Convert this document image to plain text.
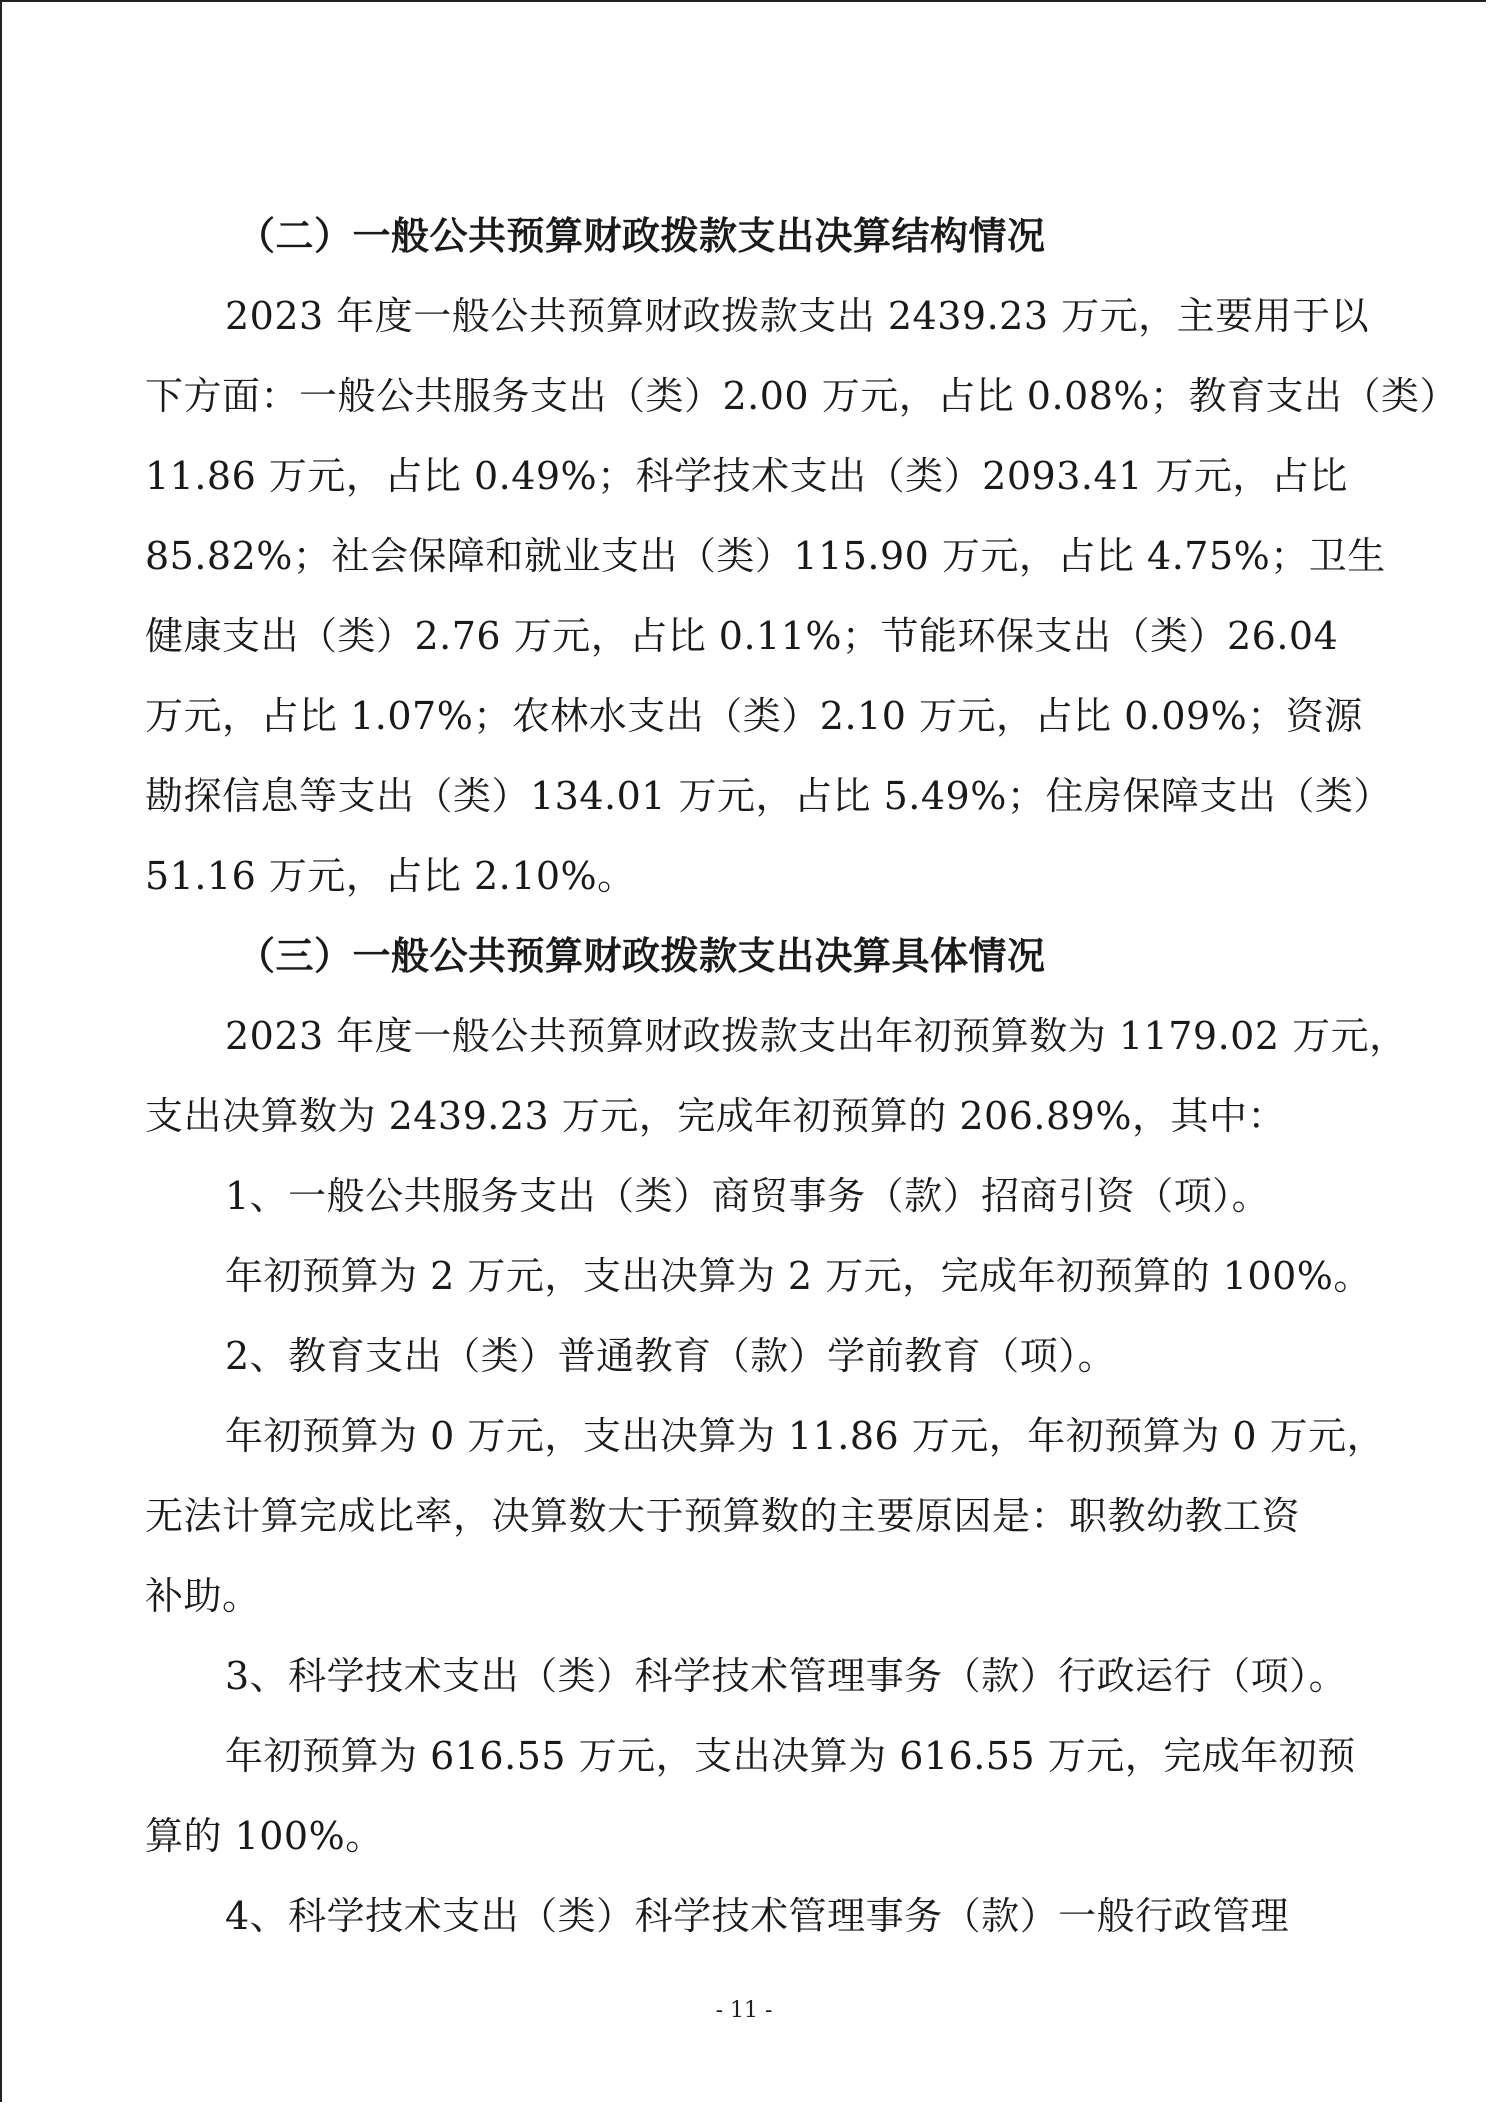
（二）一般公共预算财政拨款支出决算结构情况
2023 年度一般公共预算财政拨款支出 2439.23 万元，主要用于以
下方面：一般公共服务支出（类）2.00 万元，占比 0.08%；教育支出（类）
11.86 万元，占比 0.49%；科学技术支出（类）2093.41 万元，占比
85.82%；社会保障和就业支出（类）115.90 万元，占比 4.75%；卫生
健康支出（类）2.76 万元，占比 0.11%；节能环保支出（类）26.04
万元，占比 1.07%；农林水支出（类）2.10 万元，占比 0.09%；资源
勘探信息等支出（类）134.01 万元，占比 5.49%；住房保障支出（类）
51.16 万元，占比 2.10%。
（三）一般公共预算财政拨款支出决算具体情况
2023 年度一般公共预算财政拨款支出年初预算数为 1179.02 万元，
支出决算数为 2439.23 万元，完成年初预算的 206.89%，其中：
1、一般公共服务支出（类）商贸事务（款）招商引资（项）。
年初预算为 2 万元，支出决算为 2 万元，完成年初预算的 100%。
2、教育支出（类）普通教育（款）学前教育（项）。
年初预算为 0 万元，支出决算为 11.86 万元，年初预算为 0 万元，
无法计算完成比率，决算数大于预算数的主要原因是：职教幼教工资
补助。
3、科学技术支出（类）科学技术管理事务（款）行政运行（项）。
年初预算为 616.55 万元，支出决算为 616.55 万元，完成年初预
算的 100%。
4、科学技术支出（类）科学技术管理事务（款）一般行政管理
- 11 -
